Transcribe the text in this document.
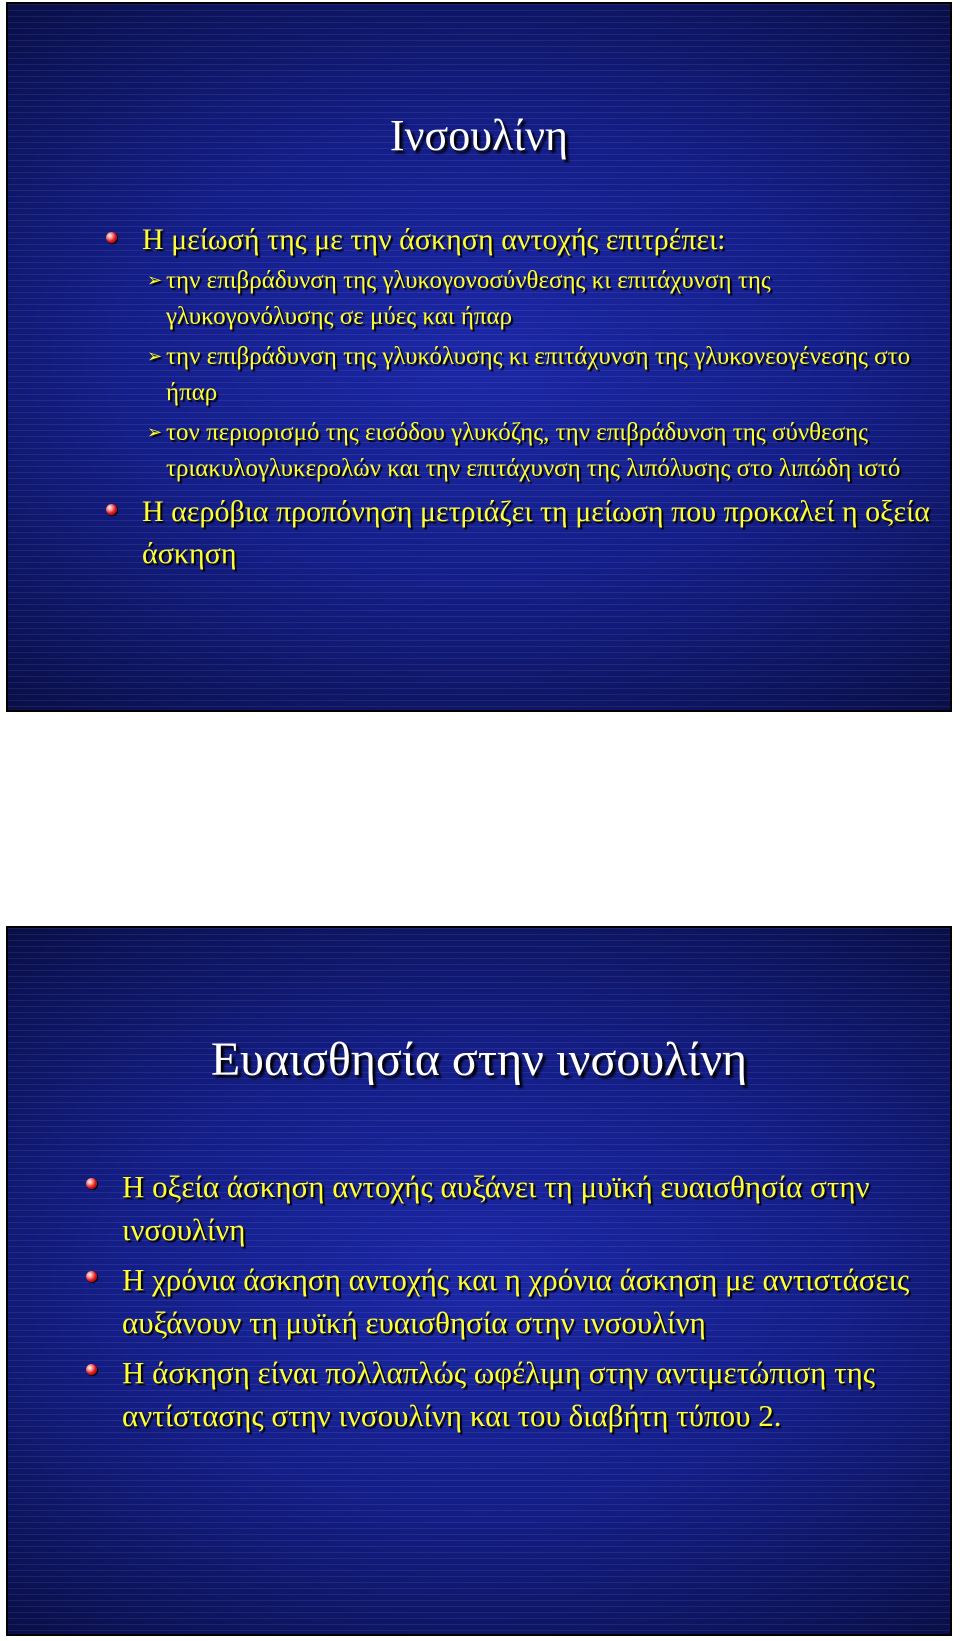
Ινσουλίνη
Η μείωσή της με την άσκηση αντοχής επιτρέπει:
➢ την επιβράδυνση της γλυκογονοσύνθεσης κι επιτάχυνση της γλυκογονόλυσης σε μύες και ήπαρ
➢ την επιβράδυνση της γλυκόλυσης κι επιτάχυνση της γλυκονεογένεσης στο ήπαρ
➢ τον περιορισμό της εισόδου γλυκόζης, την επιβράδυνση της σύνθεσης τριακυλογλυκερολών και την επιτάχυνση της λιπόλυσης στο λιπώδη ιστό
Η αερόβια προπόνηση μετριάζει τη μείωση που προκαλεί η οξεία άσκηση
Ευαισθησία στην ινσουλίνη
Η οξεία άσκηση αντοχής αυξάνει τη μυϊκή ευαισθησία στην ινσουλίνη
Η χρόνια άσκηση αντοχής και η χρόνια άσκηση με αντιστάσεις αυξάνουν τη μυϊκή ευαισθησία στην ινσουλίνη
Η άσκηση είναι πολλαπλώς ωφέλιμη στην αντιμετώπιση της αντίστασης στην ινσουλίνη και του διαβήτη τύπου 2.
